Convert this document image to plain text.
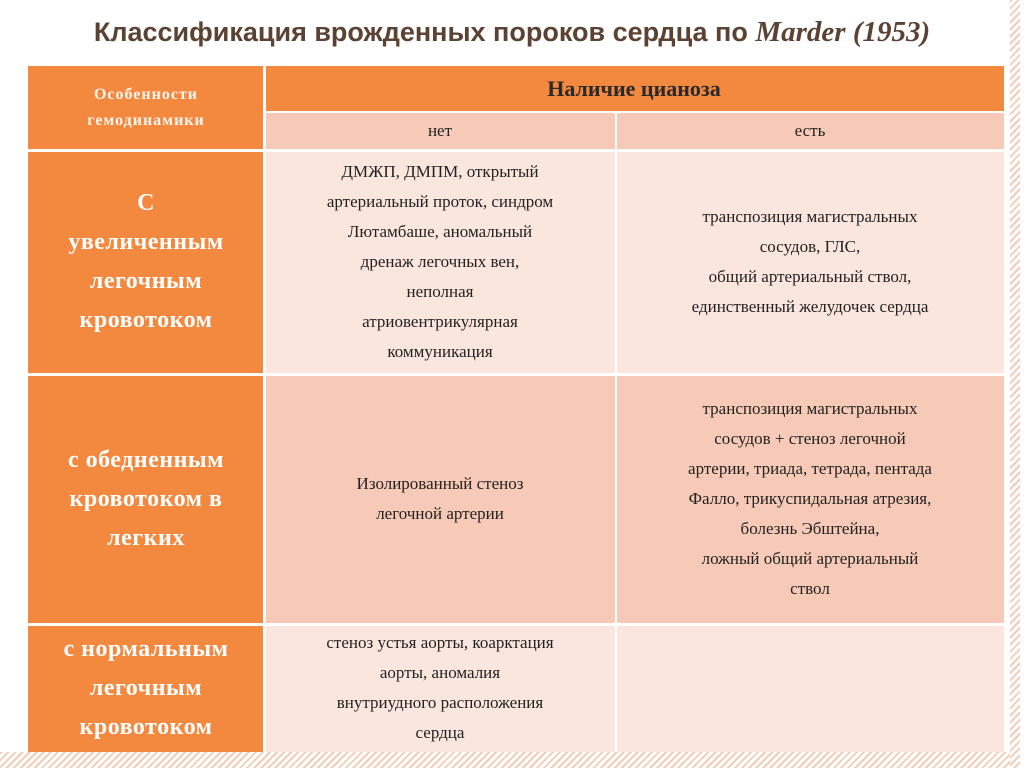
Классификация врожденных пороков сердца по Marder (1953)
Особенности
гемодинамики
Наличие цианоза
нет	есть
С
увеличенным
легочным
кровотоком
ДМЖП, ДМПМ, открытый
артериальный проток, синдром
Лютамбаше, аномальный
дренаж легочных вен,
неполная
атриовентрикулярная
коммуникация
транспозиция магистральных
сосудов, ГЛС,
общий артериальный ствол,
единственный желудочек сердца
с обедненным
кровотоком в
легких
Изолированный стеноз
легочной артерии
транспозиция магистральных
сосудов + стеноз легочной
артерии, триада, тетрада, пентада
Фалло, трикуспидальная атрезия,
болезнь Эбштейна,
ложный общий артериальный
ствол
с нормальным
легочным
кровотоком
стеноз устья аорты, коарктация
аорты, аномалия
внутриудного расположения
сердца
